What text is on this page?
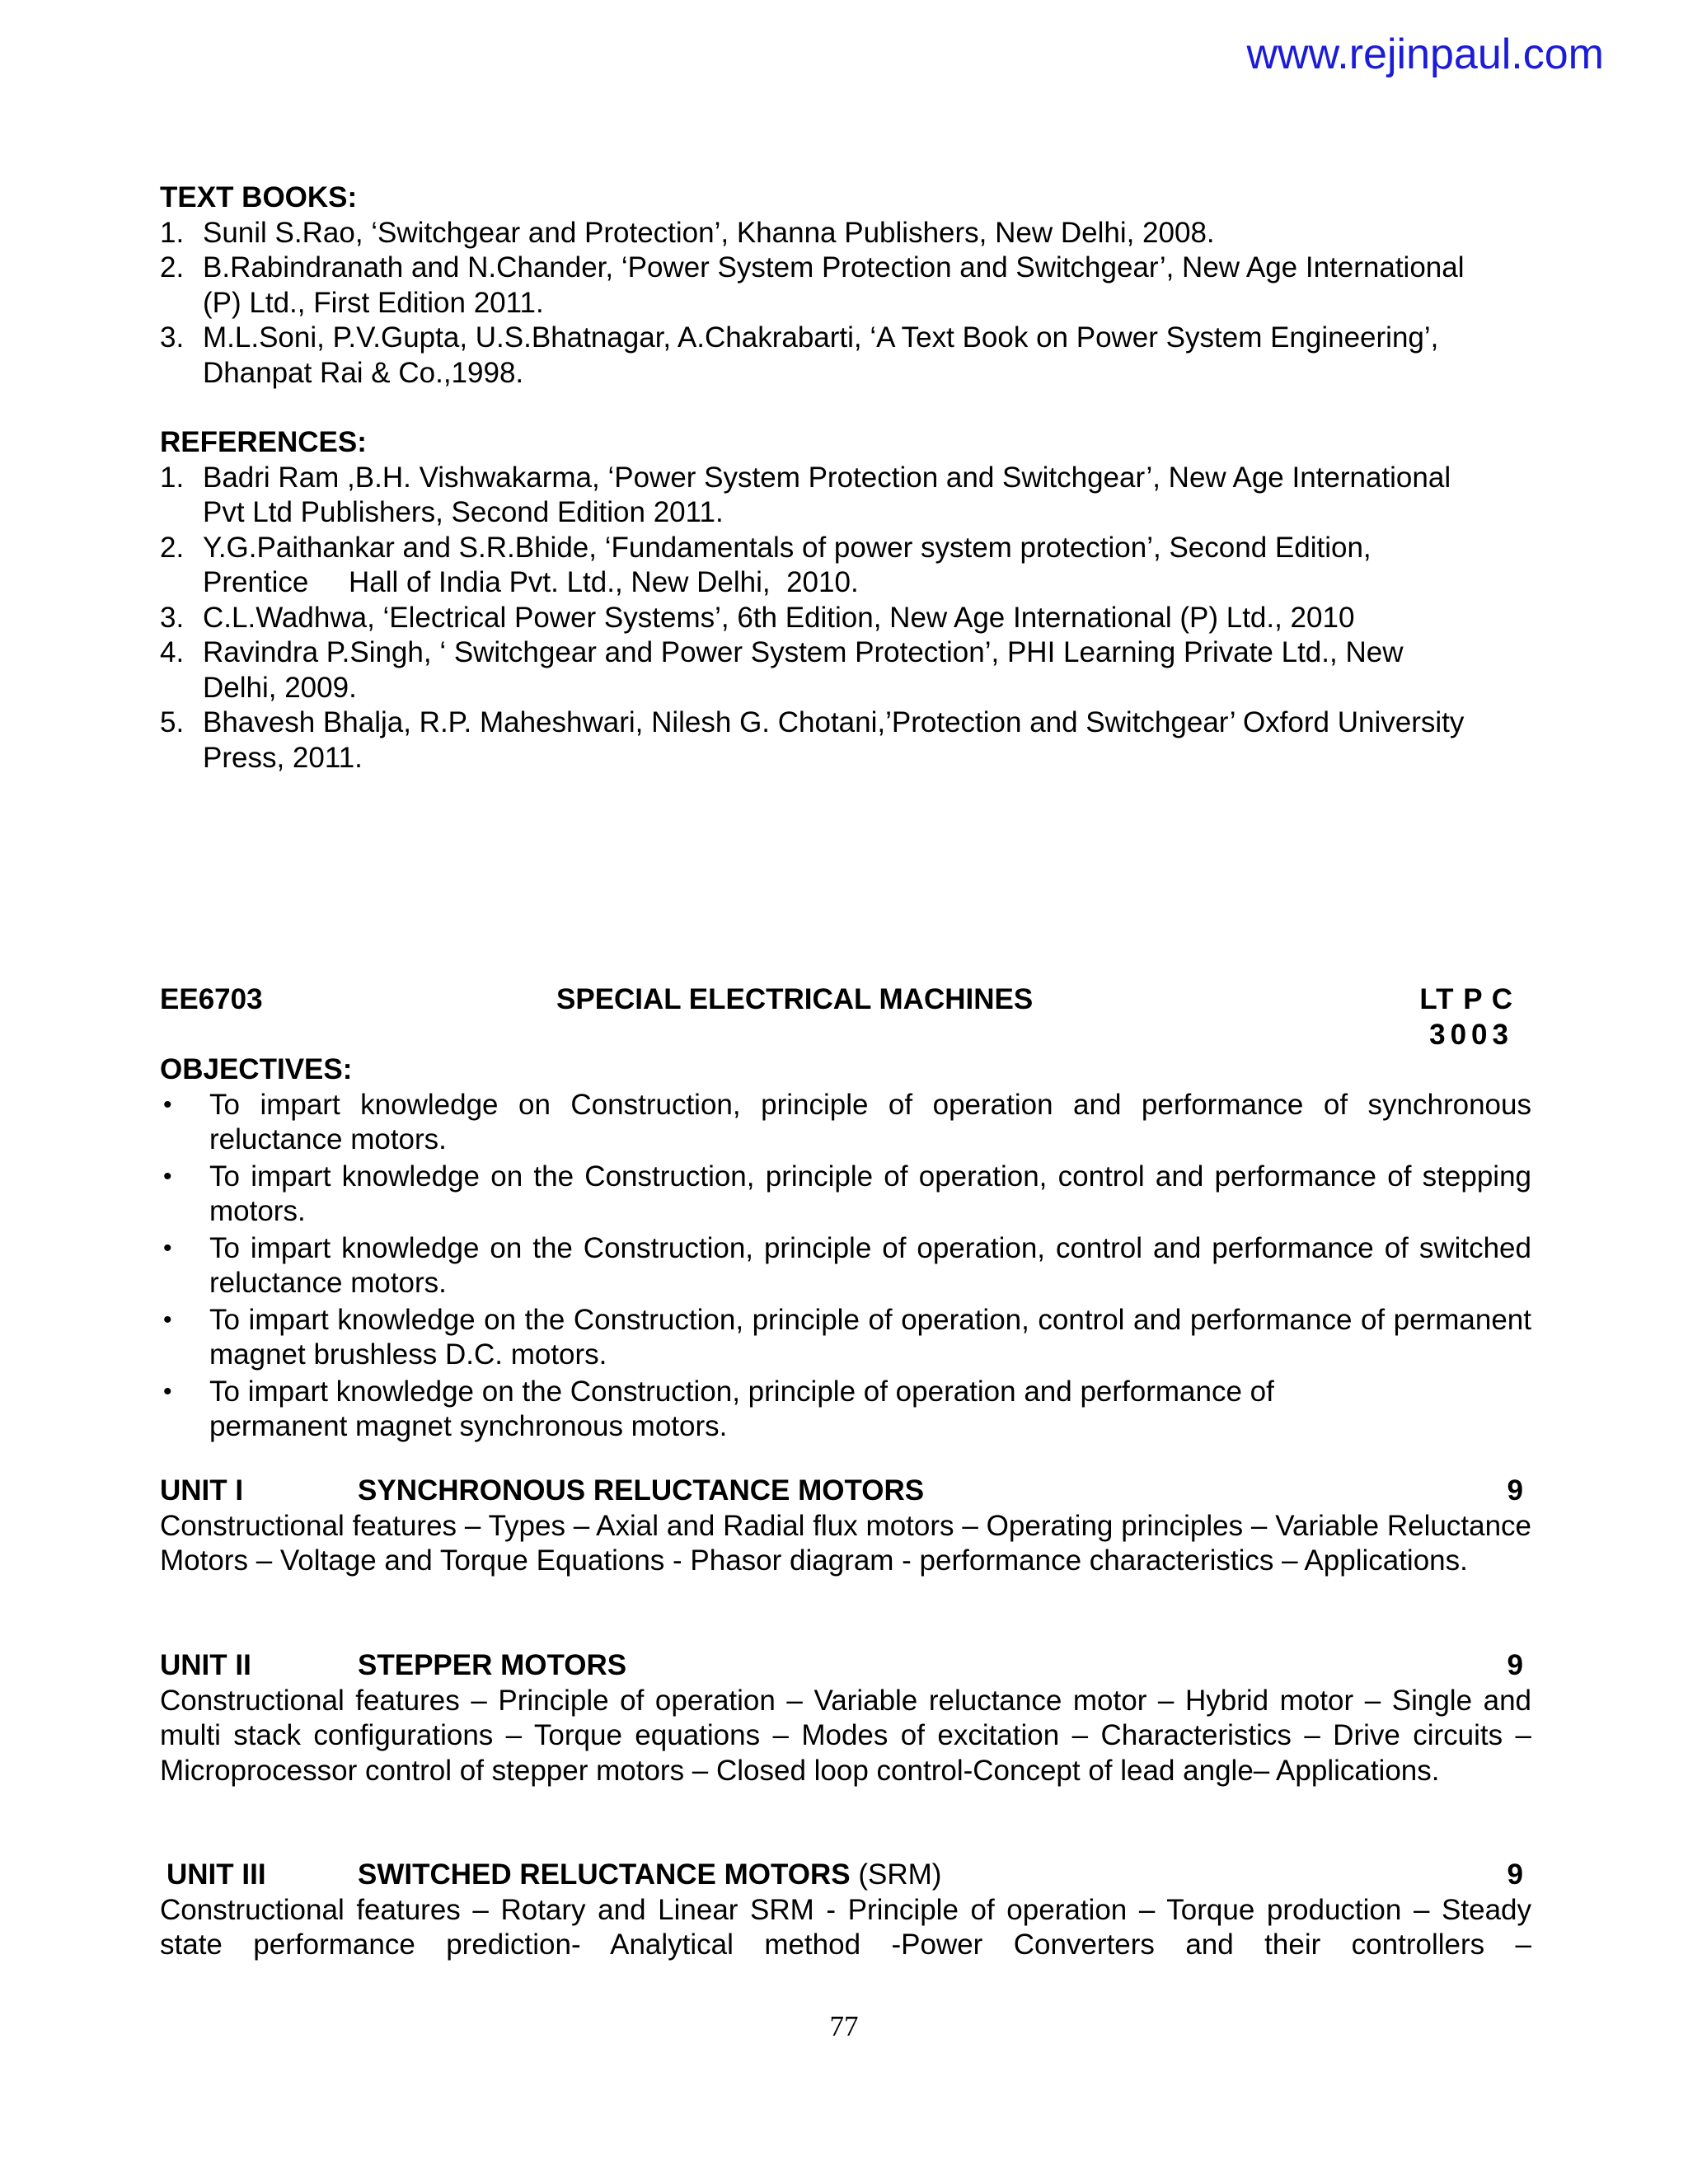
www.rejinpaul.com
TEXT BOOKS:
1. Sunil S.Rao, ‘Switchgear and Protection’, Khanna Publishers, New Delhi, 2008.
2. B.Rabindranath and N.Chander, ‘Power System Protection and Switchgear’, New Age International
(P) Ltd., First Edition 2011.
3. M.L.Soni, P.V.Gupta, U.S.Bhatnagar, A.Chakrabarti, ‘A Text Book on Power System Engineering’,
Dhanpat Rai & Co.,1998.
REFERENCES:
1. Badri Ram ,B.H. Vishwakarma, ‘Power System Protection and Switchgear’, New Age International
Pvt Ltd Publishers, Second Edition 2011.
2. Y.G.Paithankar and S.R.Bhide, ‘Fundamentals of power system protection’, Second Edition,
Prentice     Hall of India Pvt. Ltd., New Delhi,  2010.
3. C.L.Wadhwa, ‘Electrical Power Systems’, 6th Edition, New Age International (P) Ltd., 2010
4. Ravindra P.Singh, ‘ Switchgear and Power System Protection’, PHI Learning Private Ltd., New
Delhi, 2009.
5. Bhavesh Bhalja, R.P. Maheshwari, Nilesh G. Chotani,’Protection and Switchgear’ Oxford University
Press, 2011.
EE6703	SPECIAL ELECTRICAL MACHINES	LT P C
3003
OBJECTIVES:
• To impart knowledge on Construction, principle of operation and performance of synchronous reluctance motors.
• To impart knowledge on the Construction, principle of operation, control and performance of stepping motors.
• To impart knowledge on the Construction, principle of operation, control and performance of switched reluctance motors.
• To impart knowledge on the Construction, principle of operation, control and performance of permanent magnet brushless D.C. motors.
• To impart knowledge on the Construction, principle of operation and performance of permanent magnet synchronous motors.
UNIT I	SYNCHRONOUS RELUCTANCE MOTORS	9
Constructional features – Types – Axial and Radial flux motors – Operating principles – Variable Reluctance Motors – Voltage and Torque Equations - Phasor diagram - performance characteristics – Applications.
UNIT II	STEPPER MOTORS	9
Constructional features – Principle of operation – Variable reluctance motor – Hybrid motor – Single and multi stack configurations – Torque equations – Modes of excitation – Characteristics – Drive circuits – Microprocessor control of stepper motors – Closed loop control-Concept of lead angle– Applications.
UNIT III	SWITCHED RELUCTANCE MOTORS (SRM)	9
Constructional features – Rotary and Linear SRM - Principle of operation – Torque production – Steady state performance prediction- Analytical method -Power Converters and their controllers –
77
